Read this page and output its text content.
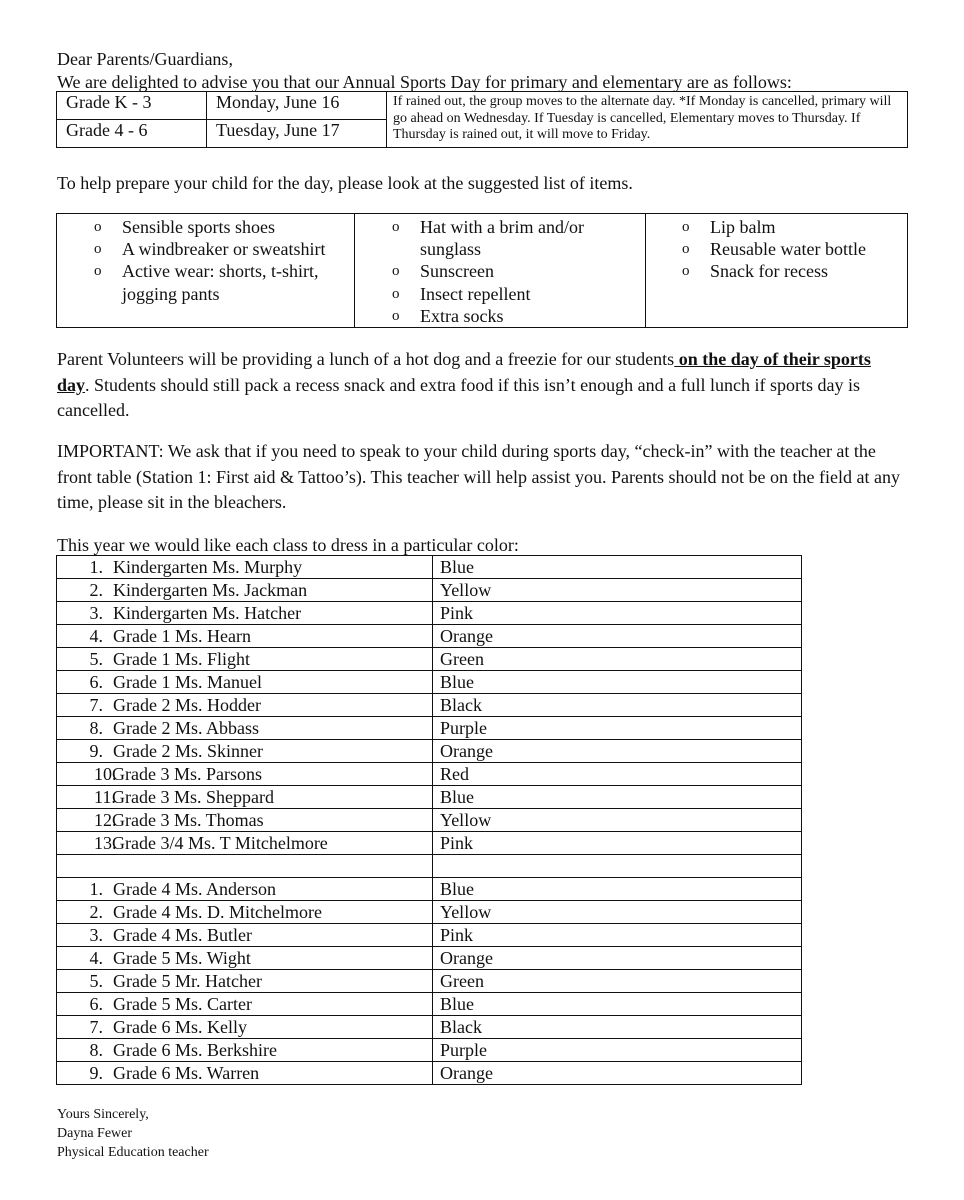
Dear Parents/Guardians,
We are delighted to advise you that our Annual Sports Day for primary and elementary are as follows:
Grade K - 3	Monday, June 16	If rained out, the group moves to the alternate day. *If Monday is cancelled, primary will go ahead on Wednesday. If Tuesday is cancelled, Elementary moves to Thursday. If Thursday is rained out, it will move to Friday.
Grade 4 - 6	Tuesday, June 17	
To help prepare your child for the day, please look at the suggested list of items.
o Sensible sports shoes
o A windbreaker or sweatshirt
o Active wear: shorts, t-shirt, jogging pants

o Hat with a brim and/or sunglass
o Sunscreen
o Insect repellent
o Extra socks

o Lip balm
o Reusable water bottle
o Snack for recess
Parent Volunteers will be providing a lunch of a hot dog and a freezie for our students on the day of their sports day. Students should still pack a recess snack and extra food if this isn’t enough and a full lunch if sports day is cancelled.
IMPORTANT: We ask that if you need to speak to your child during sports day, “check-in” with the teacher at the front table (Station 1: First aid & Tattoo’s). This teacher will help assist you. Parents should not be on the field at any time, please sit in the bleachers.
This year we would like each class to dress in a particular color:
1. Kindergarten Ms. Murphy	Blue
2. Kindergarten Ms. Jackman	Yellow
3. Kindergarten Ms. Hatcher	Pink
4. Grade 1 Ms. Hearn	Orange
5. Grade 1 Ms. Flight	Green
6. Grade 1 Ms. Manuel	Blue
7. Grade 2 Ms. Hodder	Black
8. Grade 2 Ms. Abbass	Purple
9. Grade 2 Ms. Skinner	Orange
10.Grade 3 Ms. Parsons	Red
11.Grade 3 Ms. Sheppard	Blue
12.Grade 3 Ms. Thomas	Yellow
13.Grade 3/4 Ms. T Mitchelmore	Pink

1. Grade 4 Ms. Anderson	Blue
2. Grade 4 Ms. D. Mitchelmore	Yellow
3. Grade 4 Ms. Butler	Pink
4. Grade 5 Ms. Wight	Orange
5. Grade 5 Mr. Hatcher	Green
6. Grade 5 Ms. Carter	Blue
7. Grade 6 Ms. Kelly	Black
8. Grade 6 Ms. Berkshire	Purple
9. Grade 6 Ms. Warren	Orange
Yours Sincerely,
Dayna Fewer
Physical Education teacher
